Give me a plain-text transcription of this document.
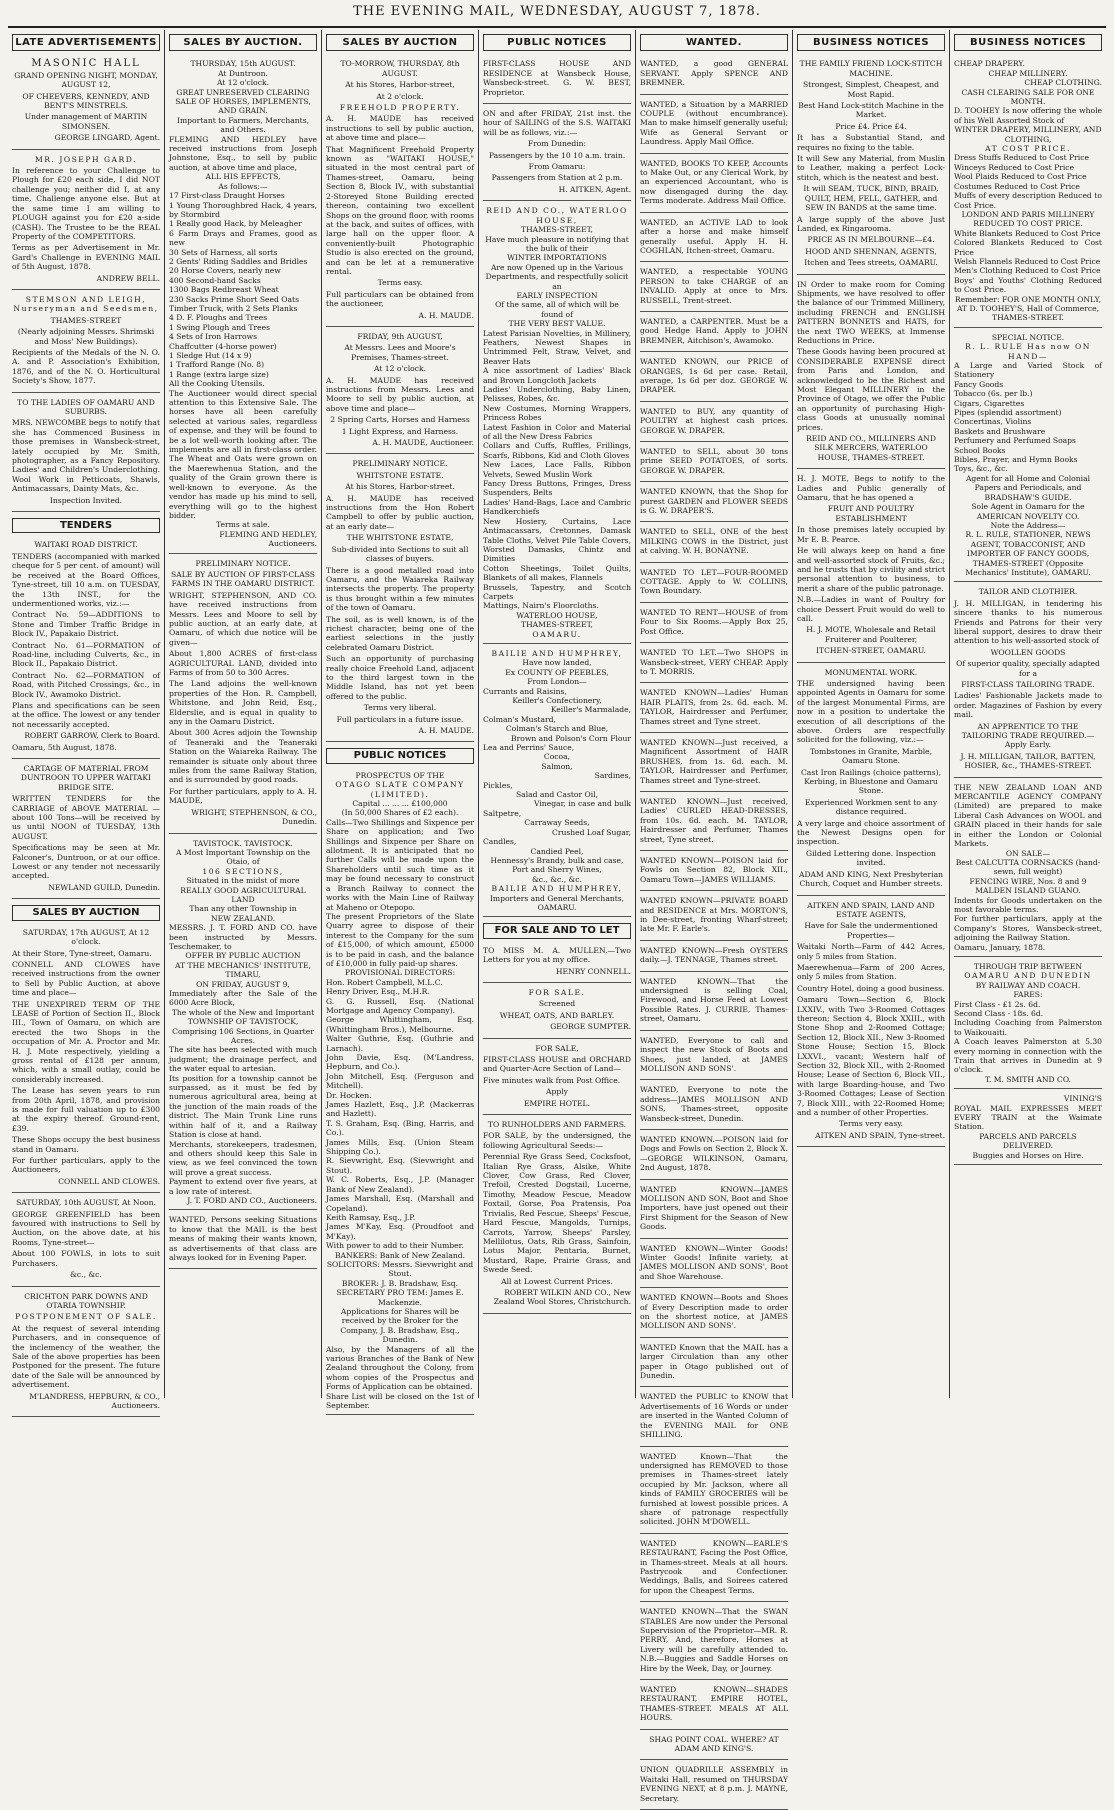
THE EVENING MAIL, WEDNESDAY, AUGUST 7, 1878.
LATE ADVERTISEMENTS

MASONIC HALL

GRAND OPENING NIGHT, MONDAY, AUGUST 12,

OF CHEEVERS, KENNEDY, AND BENT'S MINSTRELS.

Under management of MARTIN SIMONSEN.

GEORGE LINGARD, Agent.

MR. JOSEPH GARD.

In reference to your Challenge to Plough for £20 each side, I did NOT challenge you; neither did I, at any time, Challenge anyone else. But at the same time I am willing to PLOUGH against you for £20 a-side (CASH). The Trustee to be the REAL Property of the COMPETITORS.

Terms as per Advertisement in Mr. Gard's Challenge in EVENING MAIL of 5th August, 1878.

ANDREW BELL.

STEMSON AND LEIGH, Nurseryman and Seedsmen,

THAMES-STREET

(Nearly adjoining Messrs. Shrimski and Moss' New Buildings).

Recipients of the Medals of the N. O. A. and P. Association's Exhibition, 1876, and of the N. O. Horticultural Society's Show, 1877.

TO THE LADIES OF OAMARU AND SUBURBS.

MRS. NEWCOMBE begs to notify that she has Commenced Business in those premises in Wansbeck-street, lately occupied by Mr. Smith, photographer, as a Fancy Repository. Ladies' and Children's Underclothing. Wool Work in Petticoats, Shawls, Antimacassars, Dainty Mats, &c.

Inspection Invited.

TENDERS

WAITAKI ROAD DISTRICT.

TENDERS (accompanied with marked cheque for 5 per cent. of amount) will be received at the Board Offices, Tyne-street, till 10 a.m. on TUESDAY, the 13th INST., for the undermentioned works, viz.:—

Contract No. 59—ADDITIONS to Stone and Timber Traffic Bridge in Block IV., Papakaio District.

Contract No. 61—FORMATION of Road-line, including Culverts, &c., in Block II., Papakaio District.

Contract No. 62—FORMATION of Road, with Pitched Crossings, &c., in Block IV., Awamoko District.

Plans and specifications can be seen at the office. The lowest or any tender not necessarily accepted.

ROBERT GARROW, Clerk to Board.

Oamaru, 5th August, 1878.

CARTAGE OF MATERIAL FROM DUNTROON TO UPPER WAITAKI BRIDGE SITE.

WRITTEN TENDERS for the CARRIAGE of ABOVE MATERIAL —about 100 Tons—will be received by us until NOON of TUESDAY, 13th AUGUST.

Specifications may be seen at Mr. Falconer's, Duntroon, or at our office. Lowest or any tender not necessarily accepted.

NEWLAND GUILD, Dunedin.

SALES BY AUCTION

SATURDAY, 17th AUGUST, At 12 o'clock.

At their Store, Tyne-street, Oamaru.

CONNELL AND CLOWES have received instructions from the owner to Sell by Public Auction, at above time and place—

THE UNEXPIRED TERM OF THE LEASE of Portion of Section II., Block III., Town of Oamaru, on which are erected the two Shops in the occupation of Mr. A. Proctor and Mr. H. J. Mote respectively, yielding a gross rental of £128 per annum, which, with a small outlay, could be considerably increased.

The Lease has seven years to run from 20th April, 1878, and provision is made for full valuation up to £300 at the expiry thereof. Ground-rent, £39.

These Shops occupy the best business stand in Oamaru.

For further particulars, apply to the Auctioneers,

CONNELL AND CLOWES.

SATURDAY, 10th AUGUST, At Noon.

GEORGE GREENFIELD has been favoured with instructions to Sell by Auction, on the above date, at his Rooms, Tyne-street—

About 100 FOWLS, in lots to suit Purchasers.

&c., &c.

CRICHTON PARK DOWNS AND OTARIA TOWNSHIP.

POSTPONEMENT OF SALE.

At the request of several intending Purchasers, and in consequence of the inclemency of the weather, the Sale of the above properties has been Postponed for the present. The future date of the Sale will be announced by advertisement.

M'LANDRESS, HEPBURN, & CO., Auctioneers.

SALES BY AUCTION.

THURSDAY, 15th AUGUST.

At Duntroon.

At 12 o'clock.

GREAT UNRESERVED CLEARING SALE OF HORSES, IMPLEMENTS, AND GRAIN.

Important to Farmers, Merchants, and Others.

FLEMING AND HEDLEY have received instructions from Joseph Johnstone, Esq., to sell by public auction, at above time and place,

ALL HIS EFFECTS,

As follows:—

17 First-class Draught Horses

1 Young Thoroughbred Hack, 4 years, by Stormbird

1 Really good Hack, by Meleagher

6 Farm Drays and Frames, good as new

30 Sets of Harness, all sorts

2 Gents' Riding Saddles and Bridles

20 Horse Covers, nearly new

400 Second-hand Sacks

1300 Bags Redbreast Wheat

230 Sacks Prime Short Seed Oats

Timber Truck, with 2 Sets Planks

4 D. F. Ploughs and Trees

1 Swing Plough and Trees

4 Sets of Iron Harrows

Chaffcutter (4-horse power)

1 Sledge Hut (14 x 9)

1 Trafford Range (No. 8)

1 Range (extra large size)

All the Cooking Utensils.

The Auctioneer would direct special attention to this Extensive Sale. The horses have all been carefully selected at various sales, regardless of expense, and they will be found to be a lot well-worth looking after. The implements are all in first-class order. The Wheat and Oats were grown on the Maerewhenua Station, and the quality of the Grain grown there is well-known to everyone. As the vendor has made up his mind to sell, everything will go to the highest bidder.

Terms at sale.

FLEMING AND HEDLEY, Auctioneers.

PRELIMINARY NOTICE.

SALE BY AUCTION OF FIRST-CLASS FARMS IN THE OAMARU DISTRICT.

WRIGHT, STEPHENSON, AND CO. have received instructions from Messrs. Lees and Moore to sell by public auction, at an early date, at Oamaru, of which due notice will be given—

About 1,800 ACRES of first-class AGRICULTURAL LAND, divided into Farms of from 50 to 300 Acres.

The Land adjoins the well-known properties of the Hon. R. Campbell, Whitstone, and John Reid, Esq., Elderslie, and is equal in quality to any in the Oamaru District.

About 300 Acres adjoin the Township of Teaneraki and the Teaneraki Station on the Waiareka Railway. The remainder is situate only about three miles from the same Railway Station, and is surrounded by good roads.

For further particulars, apply to A. H. MAUDE,

WRIGHT, STEPHENSON, & CO., Dunedin.

TAVISTOCK. TAVISTOCK.

A Most Important Township on the Otaio, of

106 SECTIONS,

Situated in the midst of more

REALLY GOOD AGRICULTURAL LAND

Than any other Township in

NEW ZEALAND.

MESSRS. J. T. FORD AND CO. have been instructed by Messrs. Teschemaker, to

OFFER BY PUBLIC AUCTION

AT THE MECHANICS' INSTITUTE, TIMARU,

ON FRIDAY, AUGUST 9,

Immediately after the Sale of the 6000 Acre Block,

The whole of the New and Important

TOWNSHIP OF TAVISTOCK,

Comprising 106 Sections, in Quarter Acres.

The site has been selected with much judgment; the drainage perfect, and the water equal to artesian.

Its position for a township cannot be surpassed, as it must be fed by numerous agricultural area, being at the junction of the main roads of the district. The Main Trunk Line runs within half of it, and a Railway Station is close at hand.

Merchants, storekeepers, tradesmen, and others should keep this Sale in view, as we feel convinced the town will prove a great success.

Payment to extend over five years, at a low rate of interest.

J. T. FORD AND CO., Auctioneers.

WANTED, Persons seeking Situations to know that the MAIL is the best means of making their wants known, as advertisements of that class are always looked for in Evening Paper.

SALES BY AUCTION

TO-MORROW, THURSDAY, 8th AUGUST.

At his Stores, Harbor-street,

At 2 o'clock.

FREEHOLD PROPERTY.

A. H. MAUDE has received instructions to sell by public auction, at above time and place—

That Magnificent Freehold Property known as "WAITAKI HOUSE," situated in the most central part of Thames-street, Oamaru, being Section 8, Block IV., with substantial 2-Storeyed Stone Building erected thereon, containing two excellent Shops on the ground floor, with rooms at the back, and suites of offices, with large hall on the upper floor. A conveniently-built Photographic Studio is also erected on the ground, and can be let at a remunerative rental.

Terms easy.

Full particulars can be obtained from the auctioneer,

A. H. MAUDE.

FRIDAY, 9th AUGUST,

At Messrs. Lees and Moore's Premises, Thames-street.

At 12 o'clock.

A. H. MAUDE has received instructions from Messrs. Lees and Moore to sell by public auction, at above time and place—

2 Spring Carts, Horses and Harness

1 Light Express, and Harness.

A. H. MAUDE, Auctioneer.

PRELIMINARY NOTICE.

WHITSTONE ESTATE.

At his Stores, Harbor-street.

A. H. MAUDE has received instructions from the Hon Robert Campbell to offer by public auction, at an early date—

THE WHITSTONE ESTATE,

Sub-divided into Sections to suit all classes of buyers.

There is a good metalled road into Oamaru, and the Waiareka Railway intersects the property. The property is thus brought within a few minutes of the town of Oamaru.

The soil, as is well known, is of the richest character, being one of the earliest selections in the justly celebrated Oamaru District.

Such an opportunity of purchasing really choice Freehold Land, adjacent to the third largest town in the Middle Island, has not yet been offered to the public.

Terms very liberal.

Full particulars in a future issue.

A. H. MAUDE.

PUBLIC NOTICES

PROSPECTUS OF THE

OTAGO SLATE COMPANY (LIMITED).

Capital ... ... ... £100,000

(In 50,000 Shares of £2 each).

Calls—Two Shillings and Sixpence per Share on application; and Two Shillings and Sixpence per Share on allotment. It is anticipated that no further Calls will be made upon the Shareholders until such time as it may be found necessary to construct a Branch Railway to connect the works with the Main Line of Railway at Maheno or Otepopo.

The present Proprietors of the Slate Quarry agree to dispose of their interest to the Company for the sum of £15,000, of which amount, £5000 is to be paid in cash, and the balance of £10,000 in fully paid-up shares.

PROVISIONAL DIRECTORS:

Hon. Robert Campbell, M.L.C.

Henry Driver, Esq., M.H.R.

G. G. Russell, Esq. (National Mortgage and Agency Company).

George Whittingham, Esq. (Whittingham Bros.), Melbourne.

Walter Guthrie, Esq. (Guthrie and Larnach).

John Davie, Esq. (M'Landress, Hepburn, and Co.).

John Mitchell, Esq. (Ferguson and Mitchell).

Dr. Hocken.

James Hazlett, Esq., J.P. (Mackerras and Hazlett).

T. S. Graham, Esq. (Bing, Harris, and Co.).

James Mills, Esq. (Union Steam Shipping Co.).

R. Sievwright, Esq. (Sievwright and Stout).

W. C. Roberts, Esq., J.P. (Manager Bank of New Zealand).

James Marshall, Esq. (Marshall and Copeland).

Keith Ramsay, Esq., J.P.

James M'Kay, Esq. (Proudfoot and M'Kay).

With power to add to their Number.

BANKERS: Bank of New Zealand.

SOLICITORS: Messrs. Sievwright and Stout.

BROKER: J. B. Bradshaw, Esq.

SECRETARY PRO TEM: James E. Mackenzie.

Applications for Shares will be received by the Broker for the Company, J. B. Bradshaw, Esq., Dunedin.

Also, by the Managers of all the various Branches of the Bank of New Zealand throughout the Colony, from whom copies of the Prospectus and Forms of Application can be obtained.

Share List will be closed on the 1st of September.

PUBLIC NOTICES

FIRST-CLASS HOUSE AND RESIDENCE at Wansbeck House, Wansbeck-street. G. W. BEST, Proprietor.

ON and after FRIDAY, 21st inst. the hour of SAILING of the S.S. WAITAKI will be as follows, viz.:—

From Dunedin:

Passengers by the 10 10 a.m. train.

From Oamaru:

Passengers from Station at 2 p.m.

H. AITKEN, Agent.

REID AND CO., WATERLOO HOUSE,

THAMES-STREET,

Have much pleasure in notifying that the bulk of their

WINTER IMPORTATIONS

Are now Opened up in the Various Departments, and respectfully solicit an

EARLY INSPECTION

Of the same, all of which will be found of

THE VERY BEST VALUE.

Latest Parisian Novelties, in Millinery, Feathers, Newest Shapes in Untrimmed Felt, Straw, Velvet, and Beaver Hats

A nice assortment of Ladies' Black and Brown Longcloth Jackets

Ladies' Underclothing, Baby Linen, Pelisses, Robes, &c.

New Costumes, Morning Wrappers, Princess Robes

Latest Fashion in Color and Material of all the New Dress Fabrics

Collars and Cuffs, Ruffles, Frillings, Scarfs, Ribbons, Kid and Cloth Gloves

New Laces, Lace Falls, Ribbon Velvets, Sewed Muslin Work

Fancy Dress Buttons, Fringes, Dress Suspenders, Belts

Ladies' Hand-Bags, Lace and Cambric Handkerchiefs

New Hosiery, Curtains, Lace Antimacassars, Cretonnes, Damask Table Cloths, Velvet Pile Table Covers, Worsted Damasks, Chintz and Dimities

Cotton Sheetings, Toilet Quilts, Blankets of all makes, Flannels

Brussels, Tapestry, and Scotch Carpets

Mattings, Nairn's Floorcloths.

WATERLOO HOUSE,

THAMES-STREET,

OAMARU.

BAILIE AND HUMPHREY,

Have now landed,

Ex COUNTY OF PEEBLES,

From London—

Currants and Raisins,

Keiller's Confectionery,

Keiller's Marmalade,

Colman's Mustard,

Colman's Starch and Blue,

Brown and Polson's Corn Flour

Lea and Perrins' Sauce,

Cocoa,

Salmon,

Sardines,

Pickles,

Salad and Castor Oil,

Vinegar, in case and bulk

Saltpetre,

Carraway Seeds,

Crushed Loaf Sugar,

Candles,

Candied Peel,

Hennessy's Brandy, bulk and case,

Port and Sherry Wines,

&c., &c., &c.

BAILIE AND HUMPHREY,

Importers and General Merchants,

OAMARU.

FOR SALE AND TO LET

TO MISS M. A. MULLEN.—Two Letters for you at my office.

HENRY CONNELL.

FOR SALE.

Screened

WHEAT, OATS, AND BARLEY.

GEORGE SUMPTER.

FOR SALE,

FIRST-CLASS HOUSE and ORCHARD and Quarter-Acre Section of Land—

Five minutes walk from Post Office.

Apply

EMPIRE HOTEL.

TO RUNHOLDERS AND FARMERS.

FOR SALE, by the undersigned, the following Agricultural Seeds:—

Perennial Rye Grass Seed, Cocksfoot, Italian Rye Grass, Alsike, White Clover, Cow Grass, Red Clover, Trefoil, Crested Dogstail, Lucerne, Timothy, Meadow Fescue, Meadow Foxtail, Gorse, Poa Pratensis, Poa Trivialis, Red Fescue, Sheeps' Fescue, Hard Fescue, Mangolds, Turnips, Carrots, Yarrow, Sheeps' Parsley, Mellilotus, Oats, Rib Grass, Sainfoin, Lotus Major, Pentaria, Burnet, Mustard, Rape, Prairie Grass, and Swede Seed.

All at Lowest Current Prices.

ROBERT WILKIN AND CO., New Zealand Wool Stores, Christchurch.

WANTED.

WANTED, a good GENERAL SERVANT. Apply SPENCE AND BREMNER.

WANTED, a Situation by a MARRIED COUPLE (without encumbrance). Man to make himself generally useful; Wife as General Servant or Laundress. Apply Mail Office.

WANTED, BOOKS TO KEEP, Accounts to Make Out, or any Clerical Work, by an experienced Accountant, who is now disengaged during the day. Terms moderate. Address Mail Office.

WANTED, an ACTIVE LAD to look after a horse and make himself generally useful. Apply H. H. COGHLAN, Itchen-street, Oamaru.

WANTED, a respectable YOUNG PERSON to take CHARGE of an INVALID. Apply at once to Mrs. RUSSELL, Trent-street.

WANTED, a CARPENTER. Must be a good Hedge Hand. Apply to JOHN BREMNER, Aitchison's, Awamoko.

WANTED KNOWN, our PRICE of ORANGES, 1s 6d per case. Retail, average, 1s 6d per doz. GEORGE W. DRAPER.

WANTED to BUY, any quantity of POULTRY at highest cash prices. GEORGE W. DRAPER.

WANTED to SELL, about 30 tons prime SEED POTATOES, of sorts. GEORGE W. DRAPER.

WANTED KNOWN, that the Shop for purest GARDEN and FLOWER SEEDS is G. W. DRAPER'S.

WANTED to SELL, ONE of the best MILKING COWS in the District, just at calving. W. H. BONAYNE.

WANTED TO LET—FOUR-ROOMED COTTAGE. Apply to W. COLLINS, Town Boundary.

WANTED TO RENT—HOUSE of from Four to Six Rooms.—Apply Box 25, Post Office.

WANTED TO LET.—Two SHOPS in Wansbeck-street, VERY CHEAP. Apply to T. MORRIS.

WANTED KNOWN—Ladies' Human HAIR PLAITS, from 2s. 6d. each. M. TAYLOR, Hairdresser and Perfumer, Thames street and Tyne street.

WANTED KNOWN—Just received, a Magnificent Assortment of HAIR BRUSHES, from 1s. 6d. each. M. TAYLOR, Hairdresser and Perfumer, Thames street and Tyne-street.

WANTED KNOWN—Just received, Ladies' CURLED HEAD-DRESSES, from 10s. 6d. each. M. TAYLOR, Hairdresser and Perfumer, Thames street, Tyne street.

WANTED KNOWN—POISON laid for Fowls on Section 82, Block XII., Oamaru Town—JAMES WILLIAMS.

WANTED KNOWN—PRIVATE BOARD and RESIDENCE at Mrs. MORTON'S, in Dee-street, fronting Wharf-street; late Mr. F. Earle's.

WANTED KNOWN—Fresh OYSTERS daily.—J. TENNAGE, Thames street.

WANTED KNOWN—That the undersigned is selling Coal, Firewood, and Horse Feed at Lowest Possible Rates. J. CURRIE, Thames-street, Oamaru.

WANTED, Everyone to call and inspect the new Stock of Boots and Shoes, just landed, at JAMES MOLLISON AND SONS'.

WANTED, Everyone to note the address—JAMES MOLLISON AND SONS, Thames-street, opposite Wansbeck-street, Dunedin.

WANTED KNOWN.—POISON laid for Dogs and Fowls on Section 2, Block X.—GEORGE WILKINSON, Oamaru, 2nd August, 1878.

WANTED KNOWN—JAMES MOLLISON AND SON, Boot and Shoe Importers, have just opened out their First Shipment for the Season of New Goods.

WANTED KNOWN—Winter Goods! Winter Goods! Infinite variety, at JAMES MOLLISON AND SONS', Boot and Shoe Warehouse.

WANTED KNOWN—Boots and Shoes of Every Description made to order on the shortest notice, at JAMES MOLLISON AND SONS'.

WANTED Known that the MAIL has a larger Circulation than any other paper in Otago published out of Dunedin.

WANTED the PUBLIC to KNOW that Advertisements of 16 Words or under are inserted in the Wanted Column of the EVENING MAIL for ONE SHILLING.

WANTED Known—That the undersigned has REMOVED to those premises in Thames-street lately occupied by Mr. Jackson, where all kinds of FAMILY GROCERIES will be furnished at lowest possible prices. A share of patronage respectfully solicited. JOHN M'DOWELL.

WANTED KNOWN—EARLE'S RESTAURANT, Facing the Post Office, in Thames-street. Meals at all hours. Pastrycook and Confectioner. Weddings, Balls, and Soirees catered for upon the Cheapest Terms.

WANTED KNOWN—That the SWAN STABLES Are now under the Personal Supervision of the Proprietor—MR. R. PERRY, And, therefore, Horses at Livery will be carefully attended to. N.B.—Buggies and Saddle Horses on Hire by the Week, Day, or Journey.

WANTED KNOWN—SHADES RESTAURANT, EMPIRE HOTEL, THAMES-STREET. MEALS AT ALL HOURS.

SHAG POINT COAL. WHERE? AT ADAM AND KING'S.

UNION QUADRILLE ASSEMBLY in Waitaki Hall, resumed on THURSDAY EVENING NEXT, at 8 p.m. J. MAYNE, Secretary.

BUSINESS NOTICES

THE FAMILY FRIEND LOCK-STITCH MACHINE.

Strongest, Simplest, Cheapest, and Most Rapid.

Best Hand Lock-stitch Machine in the Market.

Price £4. Price £4.

It has a Substantial Stand, and requires no fixing to the table.

It will Sew any Material, from Muslin to Leather, making a perfect Lock-stitch, which is the neatest and best.

It will SEAM, TUCK, BIND, BRAID, QUILT, HEM, FELL, GATHER, and SEW IN BANDS at the same time.

A large supply of the above Just Landed, ex Ringarooma.

PRICE AS IN MELBOURNE—£4.

HOOD AND SHENNAN, AGENTS,

Itchen and Tees streets, OAMARU.

IN Order to make room for Coming Shipments, we have resolved to offer the balance of our Trimmed Millinery, including FRENCH and ENGLISH PATTERN BONNETS and HATS, for the next TWO WEEKS, at Immense Reductions in Price.

These Goods having been procured at CONSIDERABLE EXPENSE direct from Paris and London, and acknowledged to be the Richest and Most Elegant MILLINERY in the Province of Otago, we offer the Public an opportunity of purchasing High-class Goods at unusually nominal prices.

REID AND CO., MILLINERS AND SILK MERCERS, WATERLOO HOUSE, THAMES-STREET.

H. J. MOTE, Begs to notify to the Ladies and Public generally of Oamaru, that he has opened a

FRUIT AND POULTRY ESTABLISHMENT

In those premises lately occupied by Mr E. B. Pearce.

He will always keep on hand a fine and well-assorted stock of Fruits, &c.; and he trusts that by civility and strict personal attention to business, to merit a share of the public patronage.

N.B.—Ladies in want of Poultry for choice Dessert Fruit would do well to call.

H. J. MOTE, Wholesale and Retail Fruiterer and Poulterer,

ITCHEN-STREET, OAMARU.

MONUMENTAL WORK.

THE undersigned having been appointed Agents in Oamaru for some of the largest Monumental Firms, are now in a position to undertake the execution of all descriptions of the above. Orders are respectfully solicited for the following, viz.:—

Tombstones in Granite, Marble, Oamaru Stone.

Cast Iron Railings (choice patterns), Kerbing, in Bluestone and Oamaru Stone.

Experienced Workmen sent to any distance required.

A very large and choice assortment of the Newest Designs open for inspection.

Gilded Lettering done. Inspection invited.

ADAM AND KING, Next Presbyterian Church, Coquet and Humber streets.

AITKEN AND SPAIN, LAND AND ESTATE AGENTS,

Have for Sale the undermentioned Properties—

Waitaki North—Farm of 442 Acres, only 5 miles from Station.

Maerewhenua—Farm of 200 Acres, only 5 miles from Station.

Country Hotel, doing a good business.

Oamaru Town—Section 6, Block LXXIV., with Two 3-Roomed Cottages thereon; Section 4, Block XXIII., with Stone Shop and 2-Roomed Cottage; Section 12, Block XII., New 3-Roomed Stone House; Section 15, Block LXXVI., vacant; Western half of Section 32, Block XII., with 2-Roomed House; Lease of Section 6, Block VII., with large Boarding-house, and Two 3-Roomed Cottages; Lease of Section 7, Block XIII., with 22-Roomed Home; and a number of other Properties.

Terms very easy.

AITKEN AND SPAIN, Tyne-street.

BUSINESS NOTICES

CHEAP DRAPERY.

CHEAP MILLINERY.

CHEAP CLOTHING.

CASH CLEARING SALE FOR ONE MONTH.

D. TOOHEY Is now offering the whole of his Well Assorted Stock of

WINTER DRAPERY, MILLINERY, AND CLOTHING,

AT COST PRICE.

Dress Stuffs Reduced to Cost Price

Winceys Reduced to Cost Price

Wool Plaids Reduced to Cost Price

Costumes Reduced to Cost Price

Muffs of every description Reduced to Cost Price.

LONDON AND PARIS MILLINERY REDUCED TO COST PRICE.

White Blankets Reduced to Cost Price

Colored Blankets Reduced to Cost Price

Welsh Flannels Reduced to Cost Price

Men's Clothing Reduced to Cost Price

Boys' and Youths' Clothing Reduced to Cost Price.

Remember: FOR ONE MONTH ONLY, AT D. TOOHEY'S, Hall of Commerce, THAMES-STREET.

SPECIAL NOTICE.

R. L. RULE Has now ON HAND—

A Large and Varied Stock of Stationery

Fancy Goods

Tobacco (6s. per lb.)

Cigars, Cigarettes

Pipes (splendid assortment)

Concertinas, Violins

Baskets and Brushware

Perfumery and Perfumed Soaps

School Books

Bibles, Prayer, and Hymn Books

Toys, &c., &c.

Agent for all Home and Colonial Papers and Periodicals, and

BRADSHAW'S GUIDE.

Sole Agent in Oamaru for the AMERICAN NOVELTY CO.

Note the Address—

R. L. RULE, STATIONER, NEWS AGENT, TOBACCONIST, AND IMPORTER OF FANCY GOODS,

THAMES-STREET (Opposite Mechanics' Institute), OAMARU.

TAILOR AND CLOTHIER.

J. H. MILLIGAN, in tendering his sincere thanks to his numerous Friends and Patrons for their very liberal support, desires to draw their attention to his well-assorted stock of

WOOLLEN GOODS

Of superior quality, specially adapted for a

FIRST-CLASS TAILORING TRADE.

Ladies' Fashionable Jackets made to order. Magazines of Fashion by every mail.

AN APPRENTICE TO THE TAILORING TRADE REQUIRED.—Apply Early.

J. H. MILLIGAN, TAILOR, BATTEN, HOSIER, &c., THAMES-STREET.

THE NEW ZEALAND LOAN AND MERCANTILE AGENCY COMPANY (Limited) are prepared to make Liberal Cash Advances on WOOL and GRAIN placed in their hands for sale in either the London or Colonial Markets.

ON SALE—

Best CALCUTTA CORNSACKS (hand-sewn, full weight)

FENCING WIRE, Nos. 8 and 9

MALDEN ISLAND GUANO.

Indents for Goods undertaken on the most favorable terms.

For further particulars, apply at the Company's Stores, Wansbeck-street, adjoining the Railway Station.

Oamaru, January, 1878.

THROUGH TRIP BETWEEN

OAMARU AND DUNEDIN

BY RAILWAY AND COACH.

FARES:

First Class - £1 2s. 6d.

Second Class - 18s. 6d.

Including Coaching from Palmerston to Waikouaiti.

A Coach leaves Palmerston at 5.30 every morning in connection with the Train that arrives in Dunedin at 9 o'clock.

T. M. SMITH AND CO.

VINING'S

ROYAL MAIL EXPRESSES MEET EVERY TRAIN at the Waimate Station.

PARCELS AND PARCELS DELIVERED.

Buggies and Horses on Hire.
